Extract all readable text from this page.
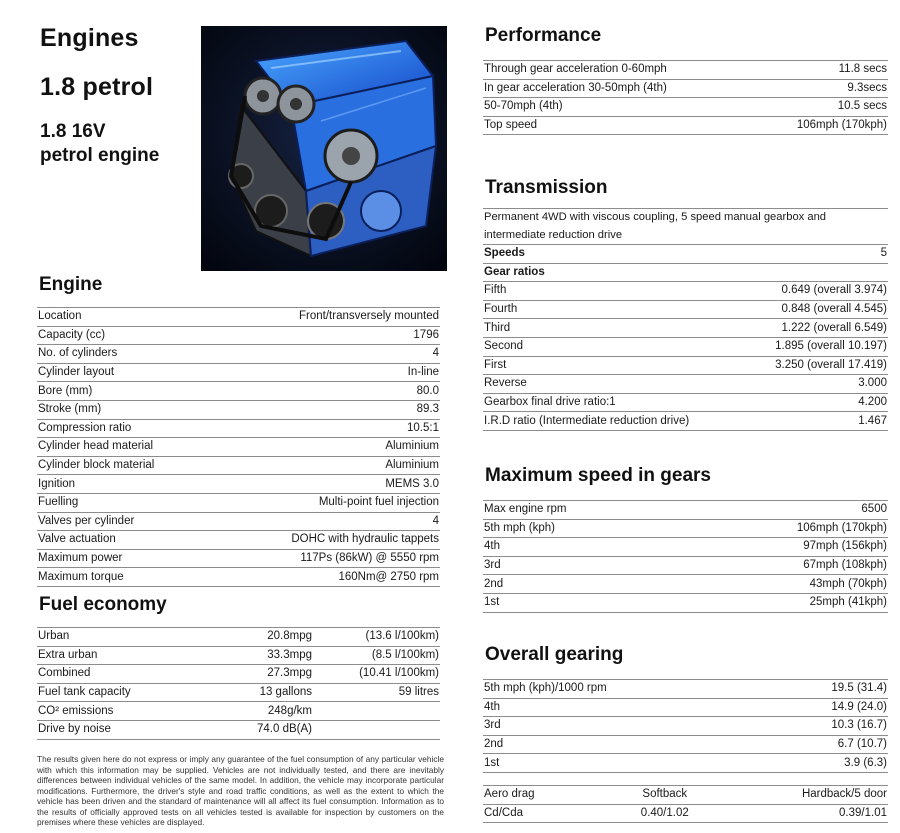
Engines
1.8 petrol
1.8 16V
petrol engine
Engine
Location	Front/transversely mounted
Capacity (cc)	1796
No. of cylinders	4
Cylinder layout	In-line
Bore (mm)	80.0
Stroke (mm)	89.3
Compression ratio	10.5:1
Cylinder head material	Aluminium
Cylinder block material	Aluminium
Ignition	MEMS 3.0
Fuelling	Multi-point fuel injection
Valves per cylinder	4
Valve actuation	DOHC with hydraulic tappets
Maximum power	117Ps (86kW) @ 5550 rpm
Maximum torque	160Nm@ 2750 rpm
Fuel economy
Urban	20.8mpg	(13.6 l/100km)
Extra urban	33.3mpg	(8.5 l/100km)
Combined	27.3mpg	(10.41 l/100km)
Fuel tank capacity	13 gallons	59 litres
CO² emissions	248g/km	
Drive by noise	74.0 dB(A)	
The results given here do not express or imply any guarantee of the fuel consumption of any particular vehicle with which this information may be supplied. Vehicles are not individually tested, and there are inevitably differences between individual vehicles of the same model. In addition, the vehicle may incorporate particular modifications. Furthermore, the driver's style and road traffic conditions, as well as the extent to which the vehicle has been driven and the standard of maintenance will all affect its fuel consumption. Information as to the results of officially approved tests on all vehicles tested is available for inspection by customers on the premises where these vehicles are displayed.
Performance
Through gear acceleration 0-60mph	11.8 secs
In gear acceleration 30-50mph (4th)	9.3secs
50-70mph (4th)	10.5 secs
Top speed	106mph (170kph)
Transmission
Permanent 4WD with viscous coupling, 5 speed manual gearbox and intermediate reduction drive
Speeds	5
Gear ratios	
Fifth	0.649 (overall 3.974)
Fourth	0.848 (overall 4.545)
Third	1.222 (overall 6.549)
Second	1.895 (overall 10.197)
First	3.250 (overall 17.419)
Reverse	3.000
Gearbox final drive ratio:1	4.200
I.R.D ratio (Intermediate reduction drive)	1.467
Maximum speed in gears
Max engine rpm	6500
5th mph (kph)	106mph (170kph)
4th	97mph (156kph)
3rd	67mph (108kph)
2nd	43mph (70kph)
1st	25mph (41kph)
Overall gearing
5th mph (kph)/1000 rpm	19.5 (31.4)
4th	14.9 (24.0)
3rd	10.3 (16.7)
2nd	6.7 (10.7)
1st	3.9 (6.3)
Aero drag	Softback	Hardback/5 door
Cd/Cda	0.40/1.02	0.39/1.01
